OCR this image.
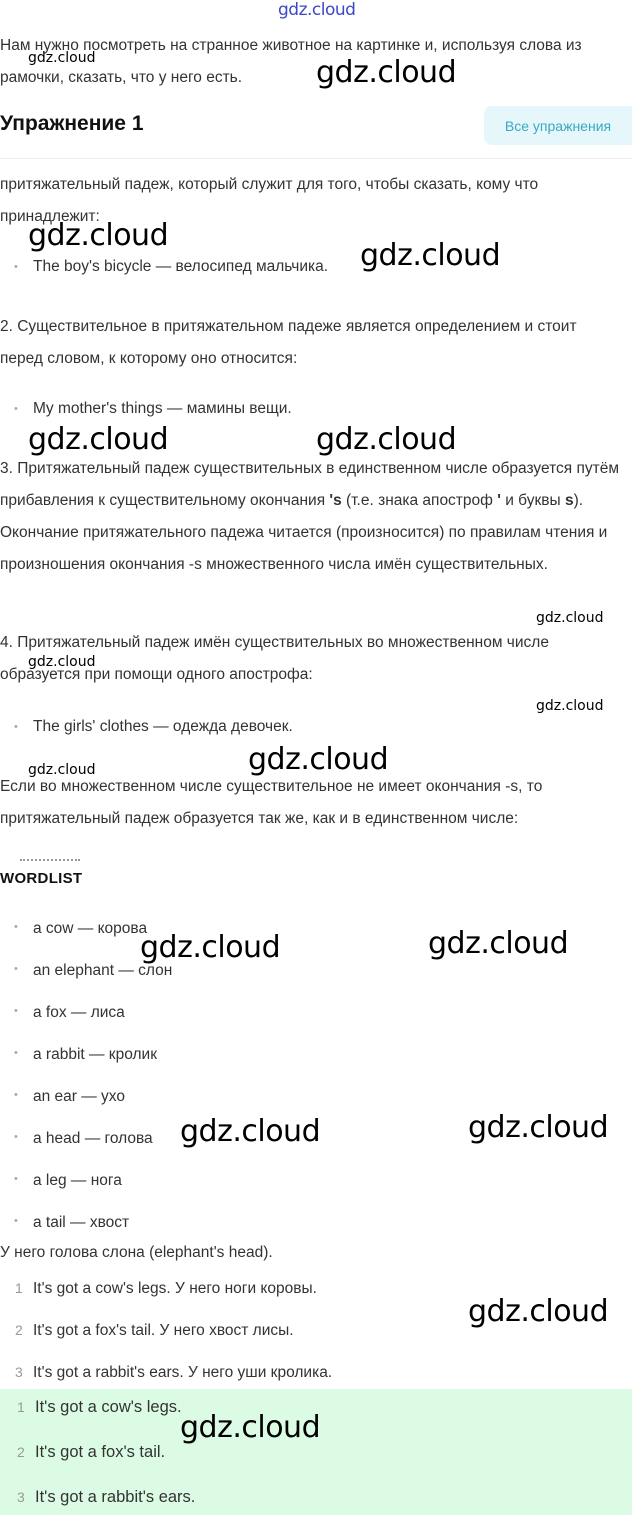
gdz.cloud
Нам нужно посмотреть на странное животное на картинке и, используя слова из рамочки, сказать, что у него есть.
Упражнение 1	Все упражнения
притяжательный падеж, который служит для того, чтобы сказать, кому что принадлежит:
• The boy's bicycle — велосипед мальчика.
2. Существительное в притяжательном падеже является определением и стоит перед словом, к которому оно относится:
• My mother's things — мамины вещи.
3. Притяжательный падеж существительных в единственном числе образуется путём прибавления к существительному окончания 's (т.е. знака апостроф ' и буквы s). Окончание притяжательного падежа читается (произносится) по правилам чтения и произношения окончания -s множественного числа имён существительных.
4. Притяжательный падеж имён существительных во множественном числе образуется при помощи одного апострофа:
• The girls' clothes — одежда девочек.
Если во множественном числе существительное не имеет окончания -s, то притяжательный падеж образуется так же, как и в единственном числе:
WORDLIST
• a cow — корова
• an elephant — слон
• a fox — лиса
• a rabbit — кролик
• an ear — ухо
• a head — голова
• a leg — нога
• a tail — хвост
У него голова слона (elephant's head).
1 It's got a cow's legs. У него ноги коровы.
2 It's got a fox's tail. У него хвост лисы.
3 It's got a rabbit's ears. У него уши кролика.
1 It's got a cow's legs.
2 It's got a fox's tail.
3 It's got a rabbit's ears.
gdz.cloud	gdz.cloud
gdz.cloud
gdz.cloud
gdz.cloud	gdz.cloud
gdz.cloud
gdz.cloud
gdz.cloud
gdz.cloud
gdz.cloud
gdz.cloud	gdz.cloud
gdz.cloud	gdz.cloud
gdz.cloud
gdz.cloud
